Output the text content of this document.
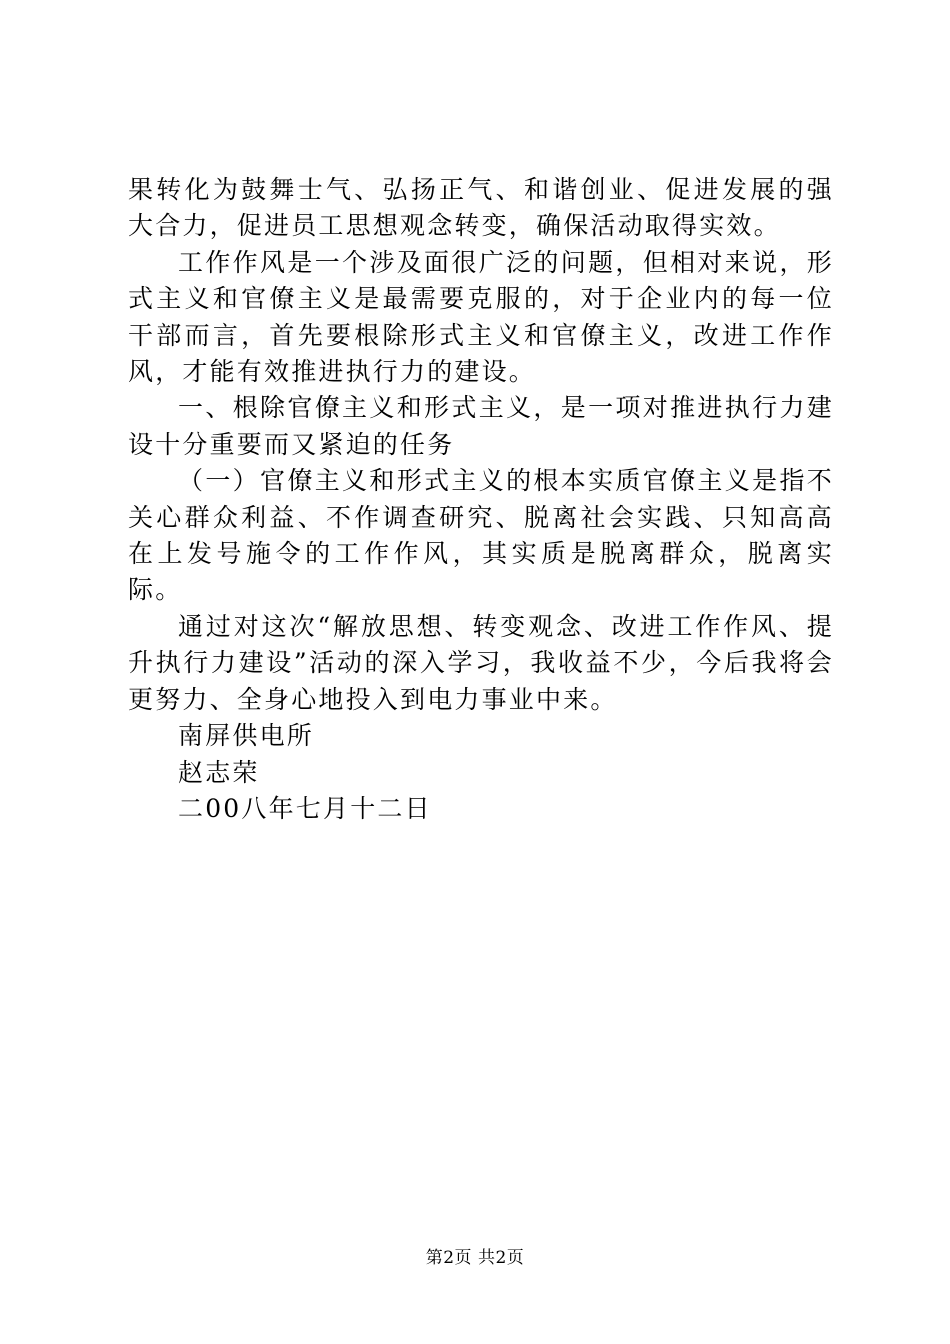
果转化为鼓舞士气、弘扬正气、和谐创业、促进发展的强大合力，促进员工思想观念转变，确保活动取得实效。

工作作风是一个涉及面很广泛的问题，但相对来说，形式主义和官僚主义是最需要克服的，对于企业内的每一位干部而言，首先要根除形式主义和官僚主义，改进工作作风，才能有效推进执行力的建设。

一、根除官僚主义和形式主义，是一项对推进执行力建设十分重要而又紧迫的任务

（一）官僚主义和形式主义的根本实质官僚主义是指不关心群众利益、不作调查研究、脱离社会实践、只知高高在上发号施令的工作作风，其实质是脱离群众，脱离实际。

通过对这次“解放思想、转变观念、改进工作作风、提升执行力建设”活动的深入学习，我收益不少，今后我将会更努力、全身心地投入到电力事业中来。

南屏供电所

赵志荣

二00八年七月十二日

第2页 共2页
